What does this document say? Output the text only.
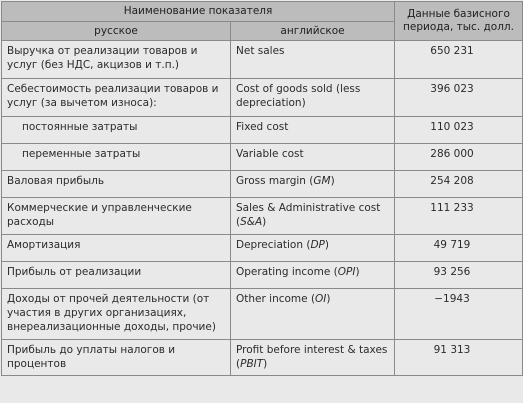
Наименование показателя		Данные базисного периода, тыс. долл.
русское	английское	
Выручка от реализации товаров и услуг (без НДС, акцизов и т.п.)	Net sales	650 231
Себестоимость реализации товаров и услуг (за вычетом износа):	Cost of goods sold (less depreciation)	396 023
постоянные затраты	Fixed cost	110 023
переменные затраты	Variable cost	286 000
Валовая прибыль	Gross margin (GM)	254 208
Коммерческие и управленческие расходы	Sales & Administrative cost (S&A)	111 233
Амортизация	Depreciation (DP)	49 719
Прибыль от реализации	Operating income (OPI)	93 256
Доходы от прочей деятельности (от участия в других организациях, внереализационные доходы, прочие)	Other income (OI)	−1943
Прибыль до уплаты налогов и процентов	Profit before interest & taxes (PBIT)	91 313
